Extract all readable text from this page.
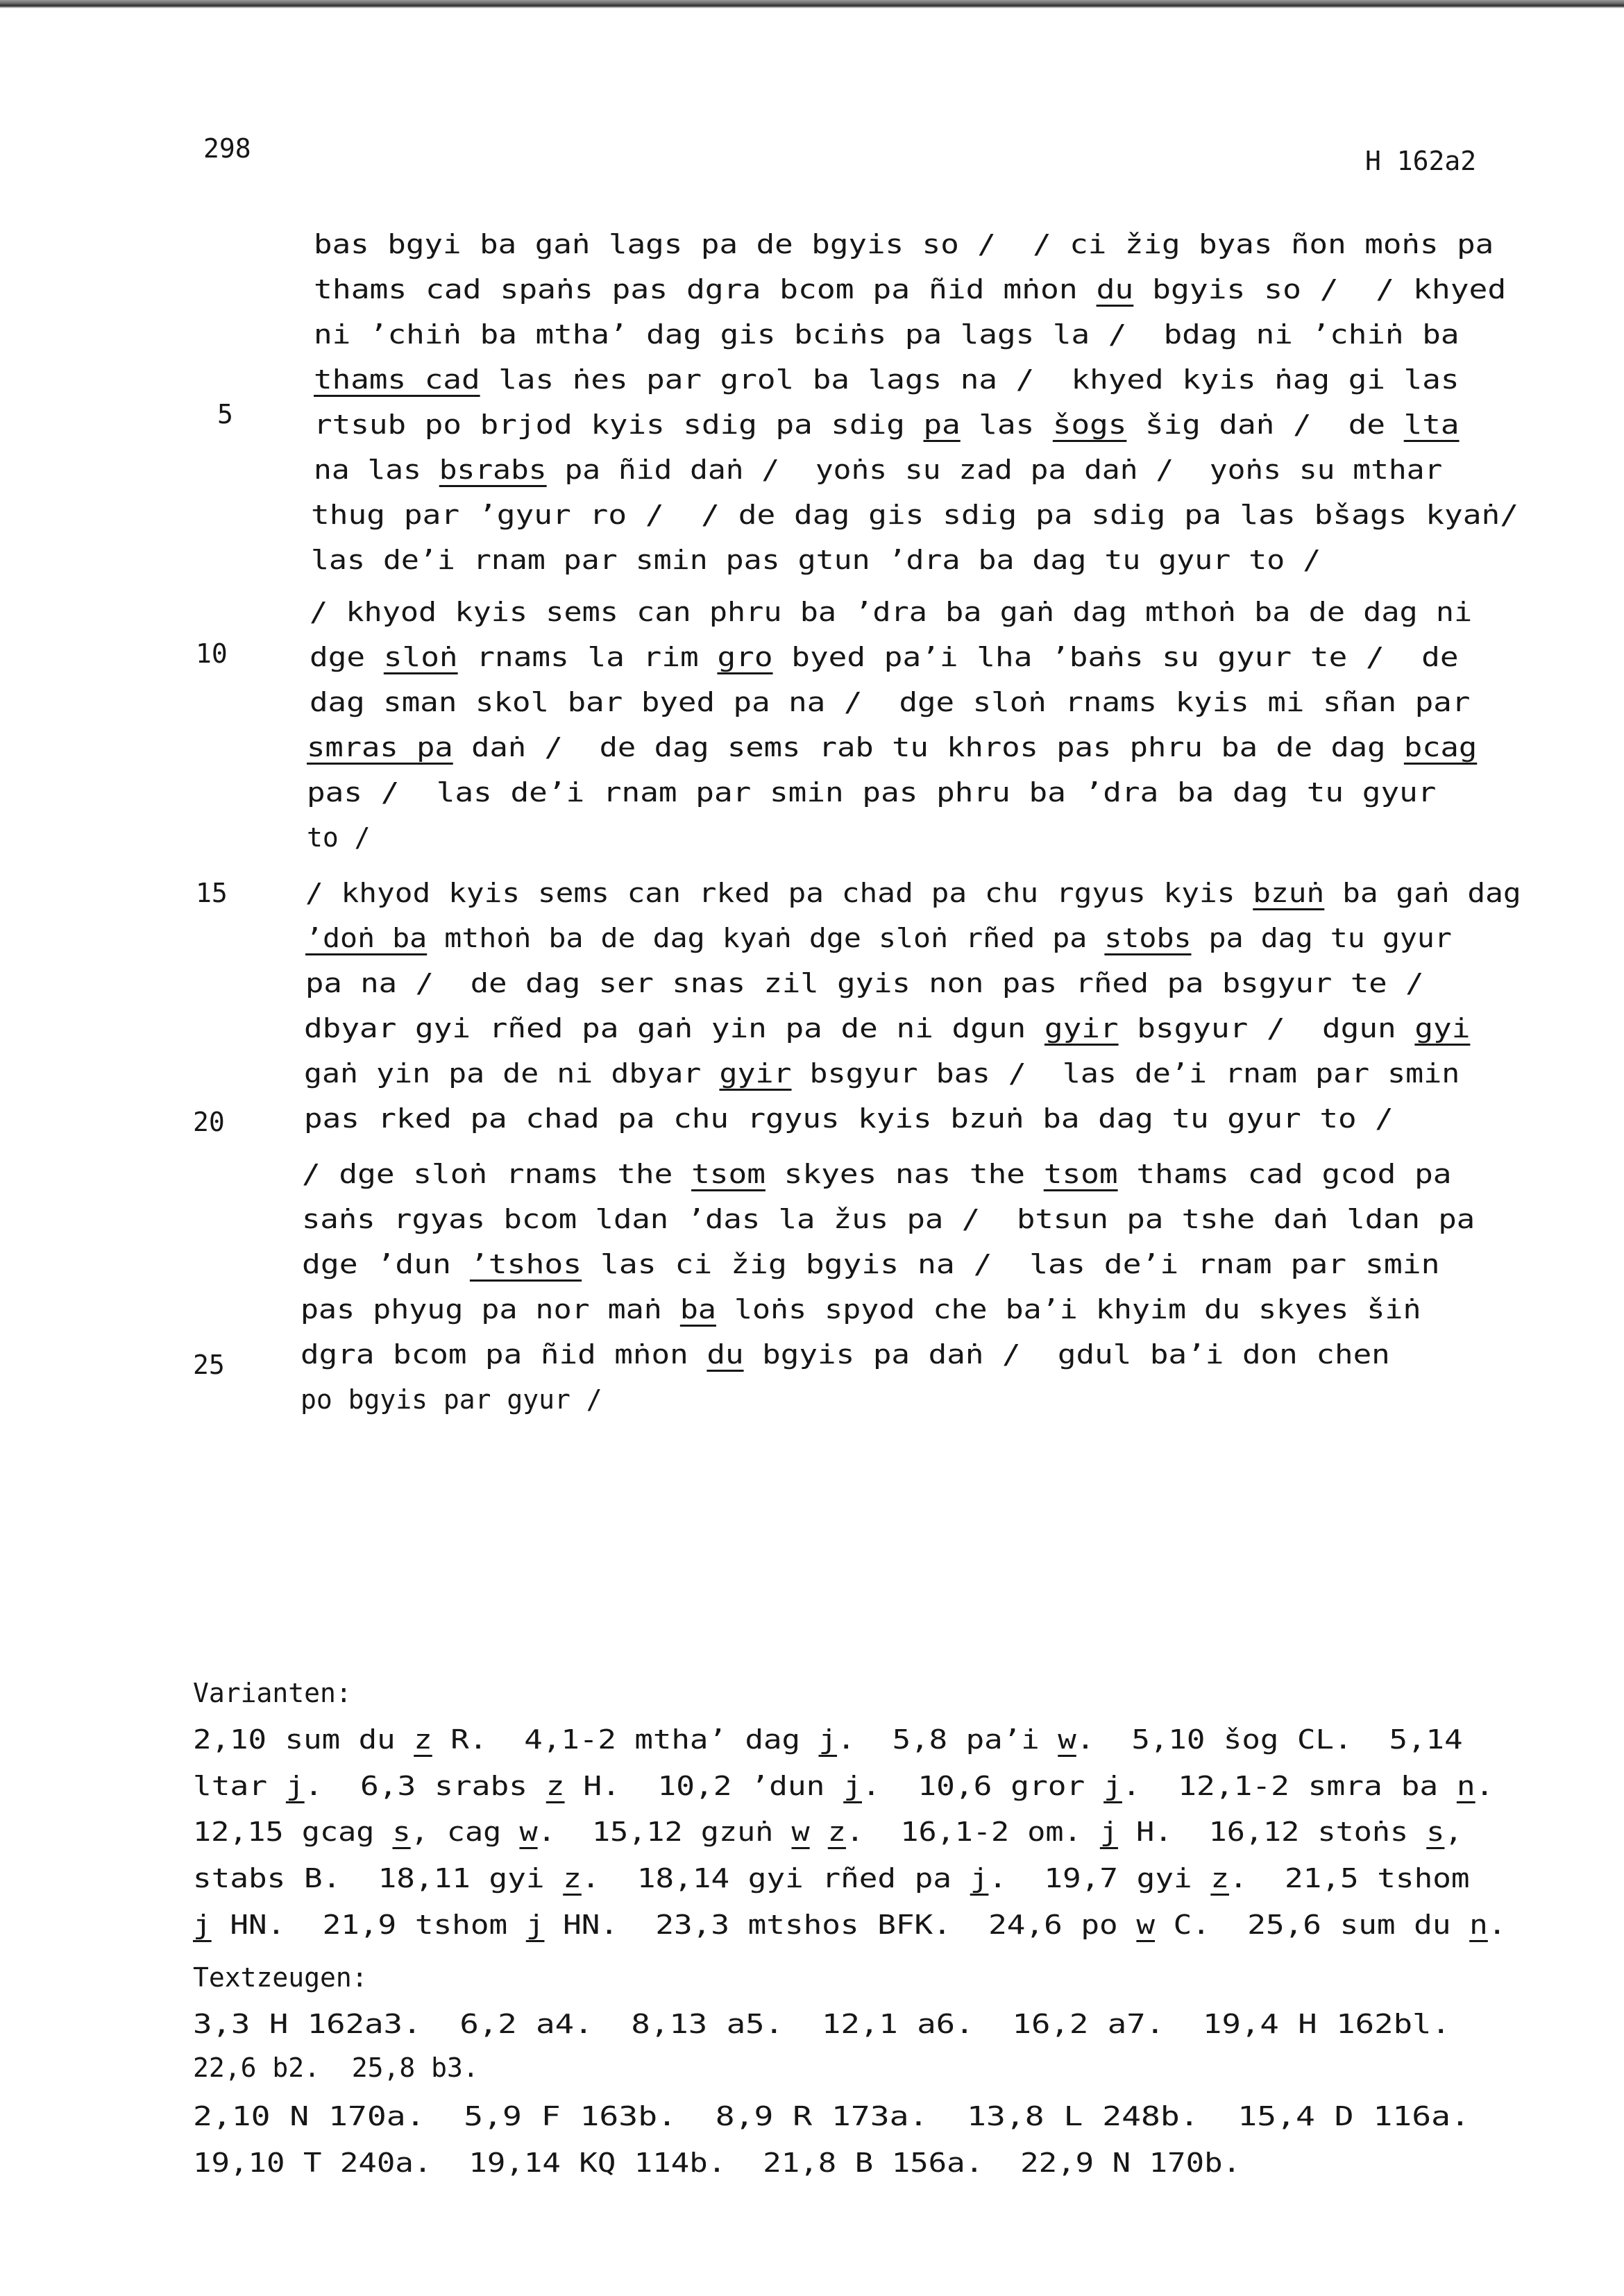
298	H 162a2
bas bgyi ba gaṅ lags pa de bgyis so /  / ci žig byas ñon moṅs pa
thams cad spaṅs pas dgra bcom pa ñid mṅon du bgyis so /  / khyed
ni ’chiṅ ba mtha’ dag gis bciṅs pa lags la /  bdag ni ’chiṅ ba
thams cad las ṅes par grol ba lags na /  khyed kyis ṅag gi las
rtsub po brjod kyis sdig pa sdig pa las šogs šig daṅ /  de lta
na las bsrabs pa ñid daṅ /  yoṅs su zad pa daṅ /  yoṅs su mthar
thug par ’gyur ro /  / de dag gis sdig pa sdig pa las bšags kyaṅ/
las de’i rnam par smin pas gtun ’dra ba dag tu gyur to /
/ khyod kyis sems can phru ba ’dra ba gaṅ dag mthoṅ ba de dag ni
dge sloṅ rnams la rim gro byed pa’i lha ’baṅs su gyur te /  de
dag sman skol bar byed pa na /  dge sloṅ rnams kyis mi sñan par
smras pa daṅ /  de dag sems rab tu khros pas phru ba de dag bcag
pas /  las de’i rnam par smin pas phru ba ’dra ba dag tu gyur
to /
/ khyod kyis sems can rked pa chad pa chu rgyus kyis bzuṅ ba gaṅ dag
’doṅ ba mthoṅ ba de dag kyaṅ dge sloṅ rñed pa stobs pa dag tu gyur
pa na /  de dag ser snas zil gyis non pas rñed pa bsgyur te /
dbyar gyi rñed pa gaṅ yin pa de ni dgun gyir bsgyur /  dgun gyi
gaṅ yin pa de ni dbyar gyir bsgyur bas /  las de’i rnam par smin
pas rked pa chad pa chu rgyus kyis bzuṅ ba dag tu gyur to /
/ dge sloṅ rnams the tsom skyes nas the tsom thams cad gcod pa
saṅs rgyas bcom ldan ’das la žus pa /  btsun pa tshe daṅ ldan pa
dge ’dun ’tshos las ci žig bgyis na /  las de’i rnam par smin
pas phyug pa nor maṅ ba loṅs spyod che ba’i khyim du skyes šiṅ
dgra bcom pa ñid mṅon du bgyis pa daṅ /  gdul ba’i don chen
po bgyis par gyur /
5
10
15
20
25
Varianten:
2,10 sum du z R.  4,1-2 mtha’ dag j.  5,8 pa’i w.  5,10 šog CL.  5,14
ltar j.  6,3 srabs z H.  10,2 ’dun j.  10,6 gror j.  12,1-2 smra ba n.
12,15 gcag s, cag w.  15,12 gzuṅ w z.  16,1-2 om. j H.  16,12 stoṅs s,
stabs B.  18,11 gyi z.  18,14 gyi rñed pa j.  19,7 gyi z.  21,5 tshom
j HN.  21,9 tshom j HN.  23,3 mtshos BFK.  24,6 po w C.  25,6 sum du n.
Textzeugen:
3,3 H 162a3.  6,2 a4.  8,13 a5.  12,1 a6.  16,2 a7.  19,4 H 162bl.
22,6 b2.  25,8 b3.
2,10 N 170a.  5,9 F 163b.  8,9 R 173a.  13,8 L 248b.  15,4 D 116a.
19,10 T 240a.  19,14 KQ 114b.  21,8 B 156a.  22,9 N 170b.
